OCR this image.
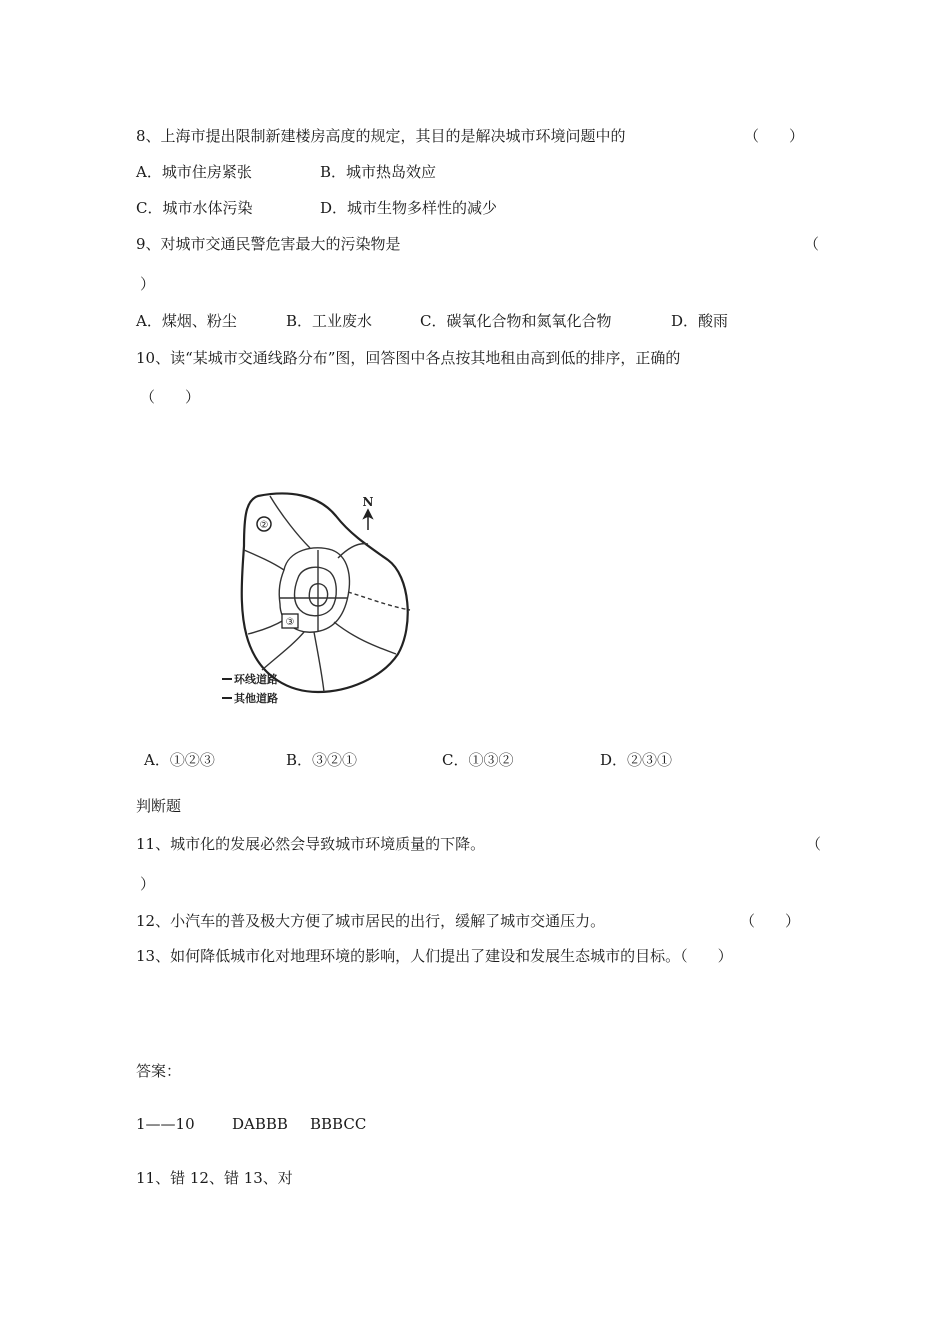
8、上海市提出限制新建楼房高度的规定，其目的是解决城市环境问题中的	（　　）
A．城市住房紧张	B．城市热岛效应
C．城市水体污染	D．城市生物多样性的减少
9、对城市交通民警危害最大的污染物是	（
）
A．煤烟、粉尘	B．工业废水	C．碳氧化合物和氮氧化合物	D．酸雨
10、读“某城市交通线路分布”图，回答图中各点按其地租由高到低的排序，正确的
（　　）
②
③
N
环线道路
其他道路
A．①②③	B．③②①	C．①③②	D．②③①
判断题
11、城市化的发展必然会导致城市环境质量的下降。	（
）
12、小汽车的普及极大方便了城市居民的出行，缓解了城市交通压力。	（　　）
13、如何降低城市化对地理环境的影响，人们提出了建设和发展生态城市的目标。（　　）
答案：
1——10 DABBB BBBCC
11、错 12、错 13、对
